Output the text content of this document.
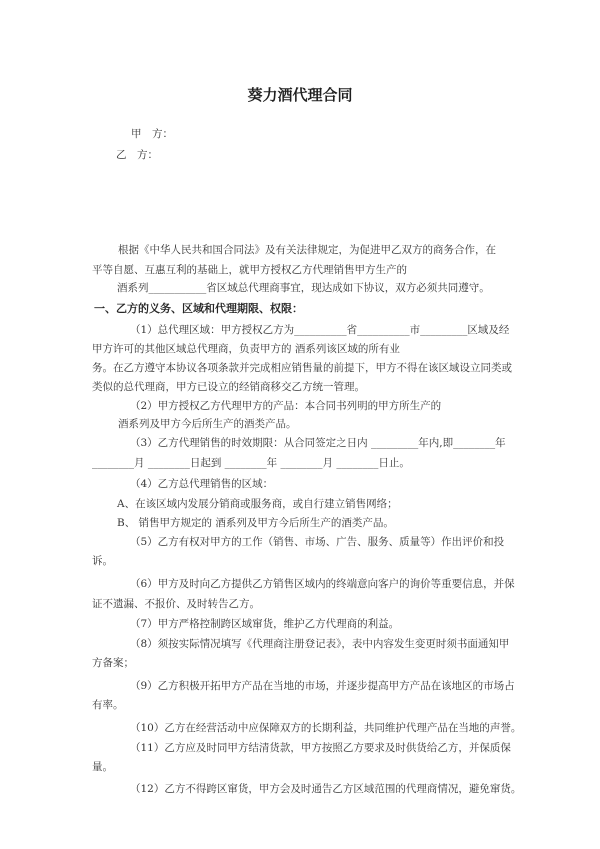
葵力酒代理合同

甲　方：

乙　方：

根据《中华人民共和国合同法》及有关法律规定，为促进甲乙双方的商务合作，在

平等自愿、互惠互利的基础上，就甲方授权乙方代理销售甲方生产的

酒系列___________省区域总代理商事宜，现达成如下协议，双方必须共同遵守。

一、乙方的义务、区域和代理期限、权限：

（1）总代理区域：甲方授权乙方为__________省__________市_________区域及经

甲方许可的其他区域总代理商，负责甲方的 酒系列该区域的所有业

务。在乙方遵守本协议各项条款并完成相应销售量的前提下，甲方不得在该区域设立同类或

类似的总代理商，甲方已设立的经销商移交乙方统一管理。

（2）甲方授权乙方代理甲方的产品：本合同书列明的甲方所生产的

酒系列及甲方今后所生产的酒类产品。

（3）乙方代理销售的时效期限：从合同签定之日内 _________年内,即________年

________月 ________日起到 ________年 ________月 ________日止。

（4）乙方总代理销售的区域：

A、在该区域内发展分销商或服务商，或自行建立销售网络；

B、 销售甲方规定的 酒系列及甲方今后所生产的酒类产品。

（5）乙方有权对甲方的工作（销售、市场、广告、服务、质量等）作出评价和投

诉。

（6）甲方及时向乙方提供乙方销售区域内的终端意向客户的询价等重要信息，并保

证不遗漏、不报价、及时转告乙方。

（7）甲方严格控制跨区域窜货，维护乙方代理商的利益。

（8）须按实际情况填写《代理商注册登记表》，表中内容发生变更时须书面通知甲

方备案；

（9）乙方积极开拓甲方产品在当地的市场，并逐步提高甲方产品在该地区的市场占

有率。

（10）乙方在经营活动中应保障双方的长期利益，共同维护代理产品在当地的声誉。

（11）乙方应及时同甲方结清货款，甲方按照乙方要求及时供货给乙方，并保质保

量。

（12）乙方不得跨区窜货，甲方会及时通告乙方区域范围的代理商情况，避免窜货。
